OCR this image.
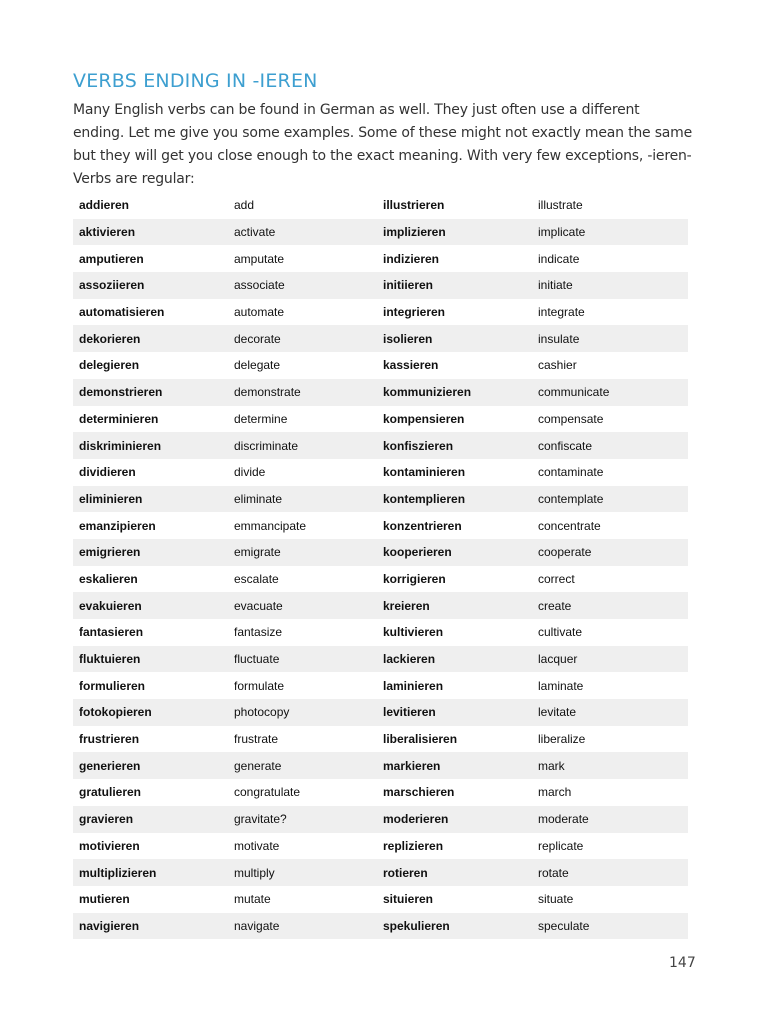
VERBS ENDING IN -IEREN

Many English verbs can be found in German as well. They just often use a different ending. Let me give you some examples. Some of these might not exactly mean the same but they will get you close enough to the exact meaning. With very few exceptions, -ieren-Verbs are regular:

addieren	add	illustrieren	illustrate
aktivieren	activate	implizieren	implicate
amputieren	amputate	indizieren	indicate
assoziieren	associate	initiieren	initiate
automatisieren	automate	integrieren	integrate
dekorieren	decorate	isolieren	insulate
delegieren	delegate	kassieren	cashier
demonstrieren	demonstrate	kommunizieren	communicate
determinieren	determine	kompensieren	compensate
diskriminieren	discriminate	konfiszieren	confiscate
dividieren	divide	kontaminieren	contaminate
eliminieren	eliminate	kontemplieren	contemplate
emanzipieren	emmancipate	konzentrieren	concentrate
emigrieren	emigrate	kooperieren	cooperate
eskalieren	escalate	korrigieren	correct
evakuieren	evacuate	kreieren	create
fantasieren	fantasize	kultivieren	cultivate
fluktuieren	fluctuate	lackieren	lacquer
formulieren	formulate	laminieren	laminate
fotokopieren	photocopy	levitieren	levitate
frustrieren	frustrate	liberalisieren	liberalize
generieren	generate	markieren	mark
gratulieren	congratulate	marschieren	march
gravieren	gravitate?	moderieren	moderate
motivieren	motivate	replizieren	replicate
multiplizieren	multiply	rotieren	rotate
mutieren	mutate	situieren	situate
navigieren	navigate	spekulieren	speculate
147
